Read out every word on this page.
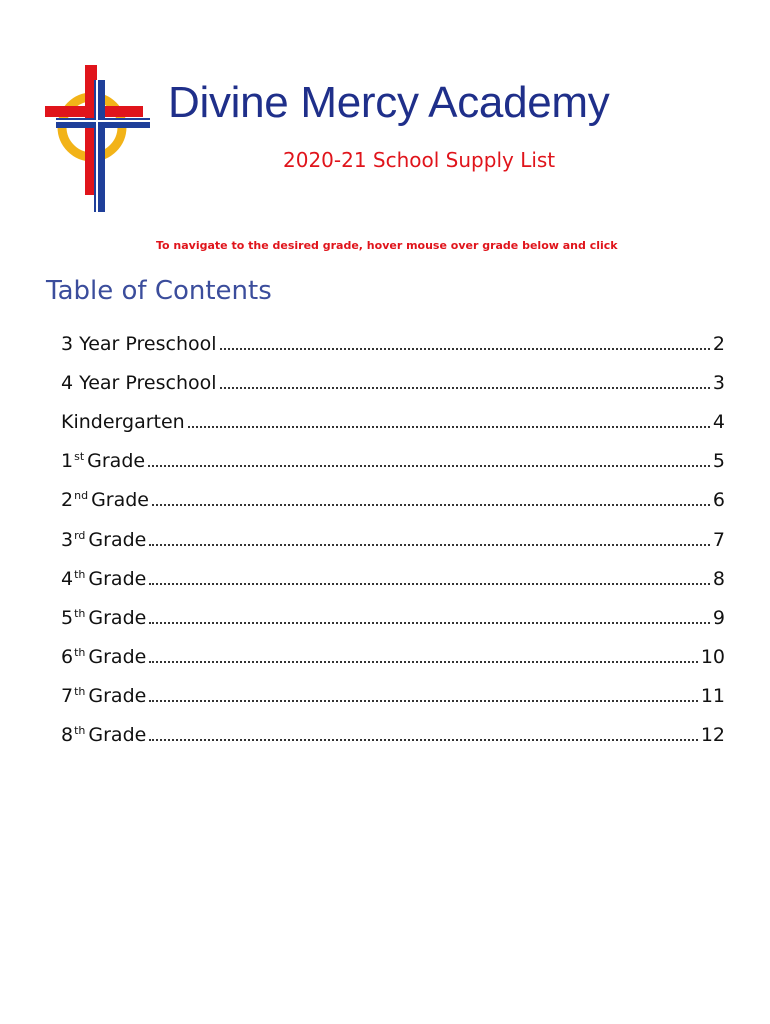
Divine Mercy Academy
2020-21 School Supply List
To navigate to the desired grade, hover mouse over grade below and click
Table of Contents
3 Year Preschool	2
4 Year Preschool	3
Kindergarten	4
1st Grade	5
2nd Grade	6
3rd Grade	7
4th Grade	8
5th Grade	9
6th Grade	10
7th Grade	11
8th Grade	12
